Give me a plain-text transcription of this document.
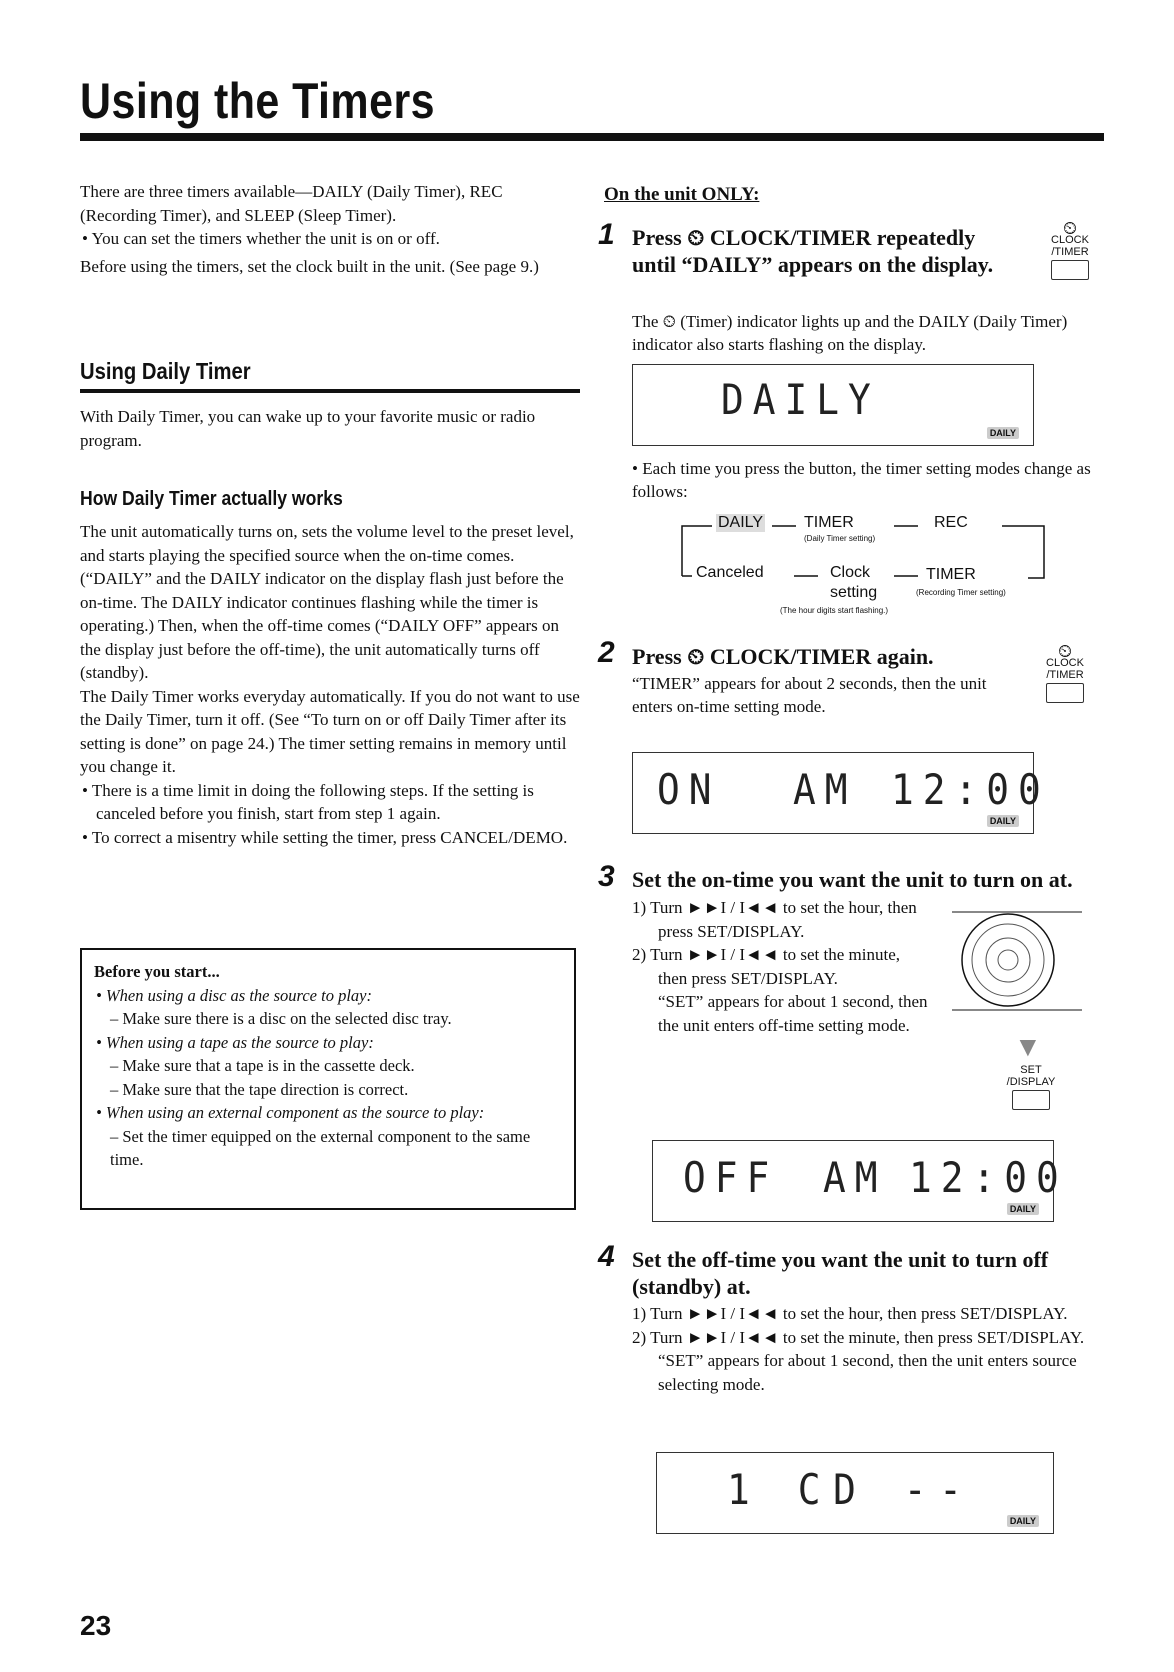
Using the Timers

There are three timers available—DAILY (Daily Timer), REC (Recording Timer), and SLEEP (Sleep Timer).

• You can set the timers whether the unit is on or off.

Before using the timers, set the clock built in the unit. (See page 9.)

Using Daily Timer
With Daily Timer, you can wake up to your favorite music or radio program.
How Daily Timer actually works

The unit automatically turns on, sets the volume level to the preset level, and starts playing the specified source when the on-time comes. (“DAILY” and the DAILY indicator on the display flash just before the on-time. The DAILY indicator continues flashing while the timer is operating.) Then, when the off-time comes (“DAILY OFF” appears on the display just before the off-time), the unit automatically turns off (standby).

The Daily Timer works everyday automatically. If you do not want to use the Daily Timer, turn it off. (See “To turn on or off Daily Timer after its setting is done” on page 24.) The timer setting remains in memory until you change it.

• There is a time limit in doing the following steps. If the setting is canceled before you finish, start from step 1 again.

• To correct a misentry while setting the timer, press CANCEL/DEMO.

Before you start...

• When using a disc as the source to play:

– Make sure there is a disc on the selected disc tray.

• When using a tape as the source to play:

– Make sure that a tape is in the cassette deck.

– Make sure that the tape direction is correct.

• When using an external component as the source to play:

– Set the timer equipped on the external component to the same time.

23
On the unit ONLY:
1 Press ⏲ CLOCK/TIMER repeatedly until “DAILY” appears on the display.
⏲
CLOCK
/TIMER
The ⏲ (Timer) indicator lights up and the DAILY (Daily Timer) indicator also starts flashing on the display.
DAILY
DAILY
• Each time you press the button, the timer setting modes change as follows:
DAILY	TIMER
(Daily Timer setting)
REC
Canceled	Clock
setting
(The hour digits start flashing.)
TIMER
(Recording Timer setting)
2 Press ⏲ CLOCK/TIMER again.	⏲
CLOCK
/TIMER
“TIMER” appears for about 2 seconds, then the unit enters on-time setting mode.
ON AM 12:00
DAILY
3 Set the on-time you want the unit to turn on at.
1) Turn ►►I / I◄◄ to set the hour, then press SET/DISPLAY.
2) Turn ►►I / I◄◄ to set the minute, then press SET/DISPLAY.
“SET” appears for about 1 second, then the unit enters off-time setting mode.
▼
SET
/DISPLAY
OFF AM 12:00
DAILY
4 Set the off-time you want the unit to turn off (standby) at.
1) Turn ►►I / I◄◄ to set the hour, then press SET/DISPLAY.
2) Turn ►►I / I◄◄ to set the minute, then press SET/DISPLAY.
“SET” appears for about 1 second, then the unit enters source selecting mode.
1 CD --
DAILY
